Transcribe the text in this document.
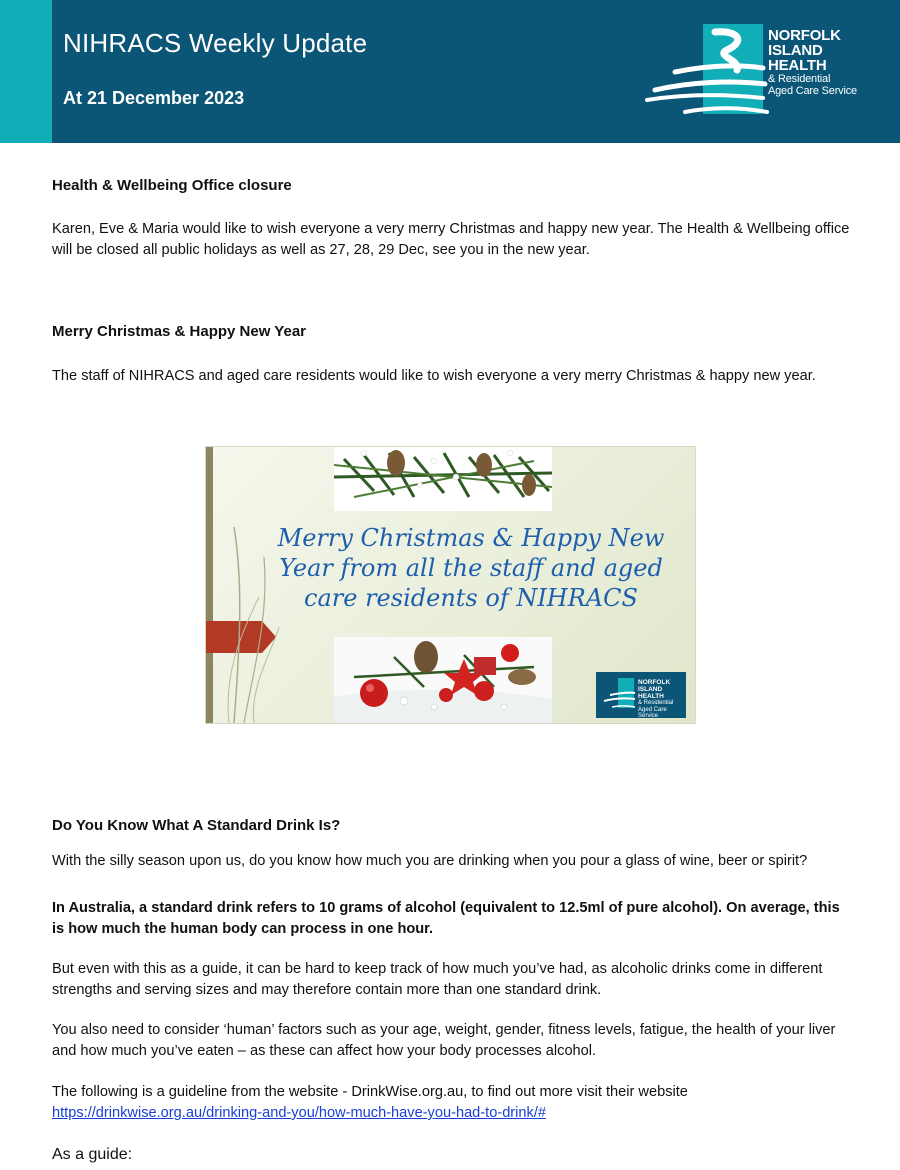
NIHRACS Weekly Update
At 21 December 2023
NORFOLK
ISLAND
HEALTH
& Residential
Aged Care Service
Health & Wellbeing Office closure

Karen, Eve & Maria would like to wish everyone a very merry Christmas and happy new year. The Health & Wellbeing office will be closed all public holidays as well as 27, 28, 29 Dec, see you in the new year.

Merry Christmas & Happy New Year

The staff of NIHRACS and aged care residents would like to wish everyone a very merry Christmas & happy new year.

Merry Christmas & Happy New Year from all the staff and aged care residents of NIHRACS
NORFOLK
ISLAND
HEALTH
& Residential
Aged Care Service
Do You Know What A Standard Drink Is?

With the silly season upon us, do you know how much you are drinking when you pour a glass of wine, beer or spirit?

In Australia, a standard drink refers to 10 grams of alcohol (equivalent to 12.5ml of pure alcohol). On average, this is how much the human body can process in one hour.

But even with this as a guide, it can be hard to keep track of how much you’ve had, as alcoholic drinks come in different strengths and serving sizes and may therefore contain more than one standard drink.

You also need to consider ‘human’ factors such as your age, weight, gender, fitness levels, fatigue, the health of your liver and how much you’ve eaten – as these can affect how your body processes alcohol.

The following is a guideline from the website - DrinkWise.org.au, to find out more visit their website

https://drinkwise.org.au/drinking-and-you/how-much-have-you-had-to-drink/#

As a guide:
